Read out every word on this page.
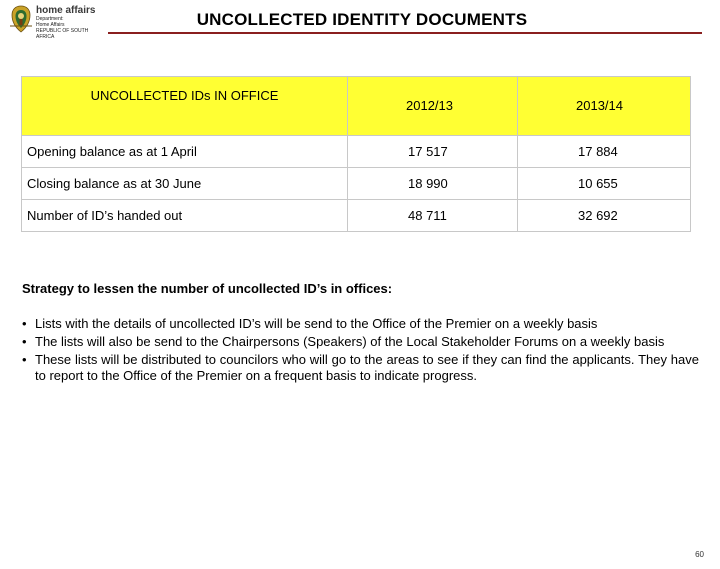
home affairs
Department:
Home Affairs
REPUBLIC OF SOUTH AFRICA
UNCOLLECTED IDENTITY DOCUMENTS
UNCOLLECTED IDs IN OFFICE	2012/13	2013/14
Opening balance as at 1 April	17 517	17 884
Closing balance as at 30 June	18 990	10 655
Number of ID’s handed out	48 711	32 692
Strategy to lessen the number of uncollected ID’s in offices:
• Lists with the details of uncollected ID’s will be send to the Office of the Premier on a weekly basis
• The lists will also be send to the Chairpersons (Speakers) of the Local Stakeholder Forums on a weekly basis
• These lists will be distributed to councilors who will go to the areas to see if they can find the applicants. They have to report to the Office of the Premier on a frequent basis to indicate progress.
60
